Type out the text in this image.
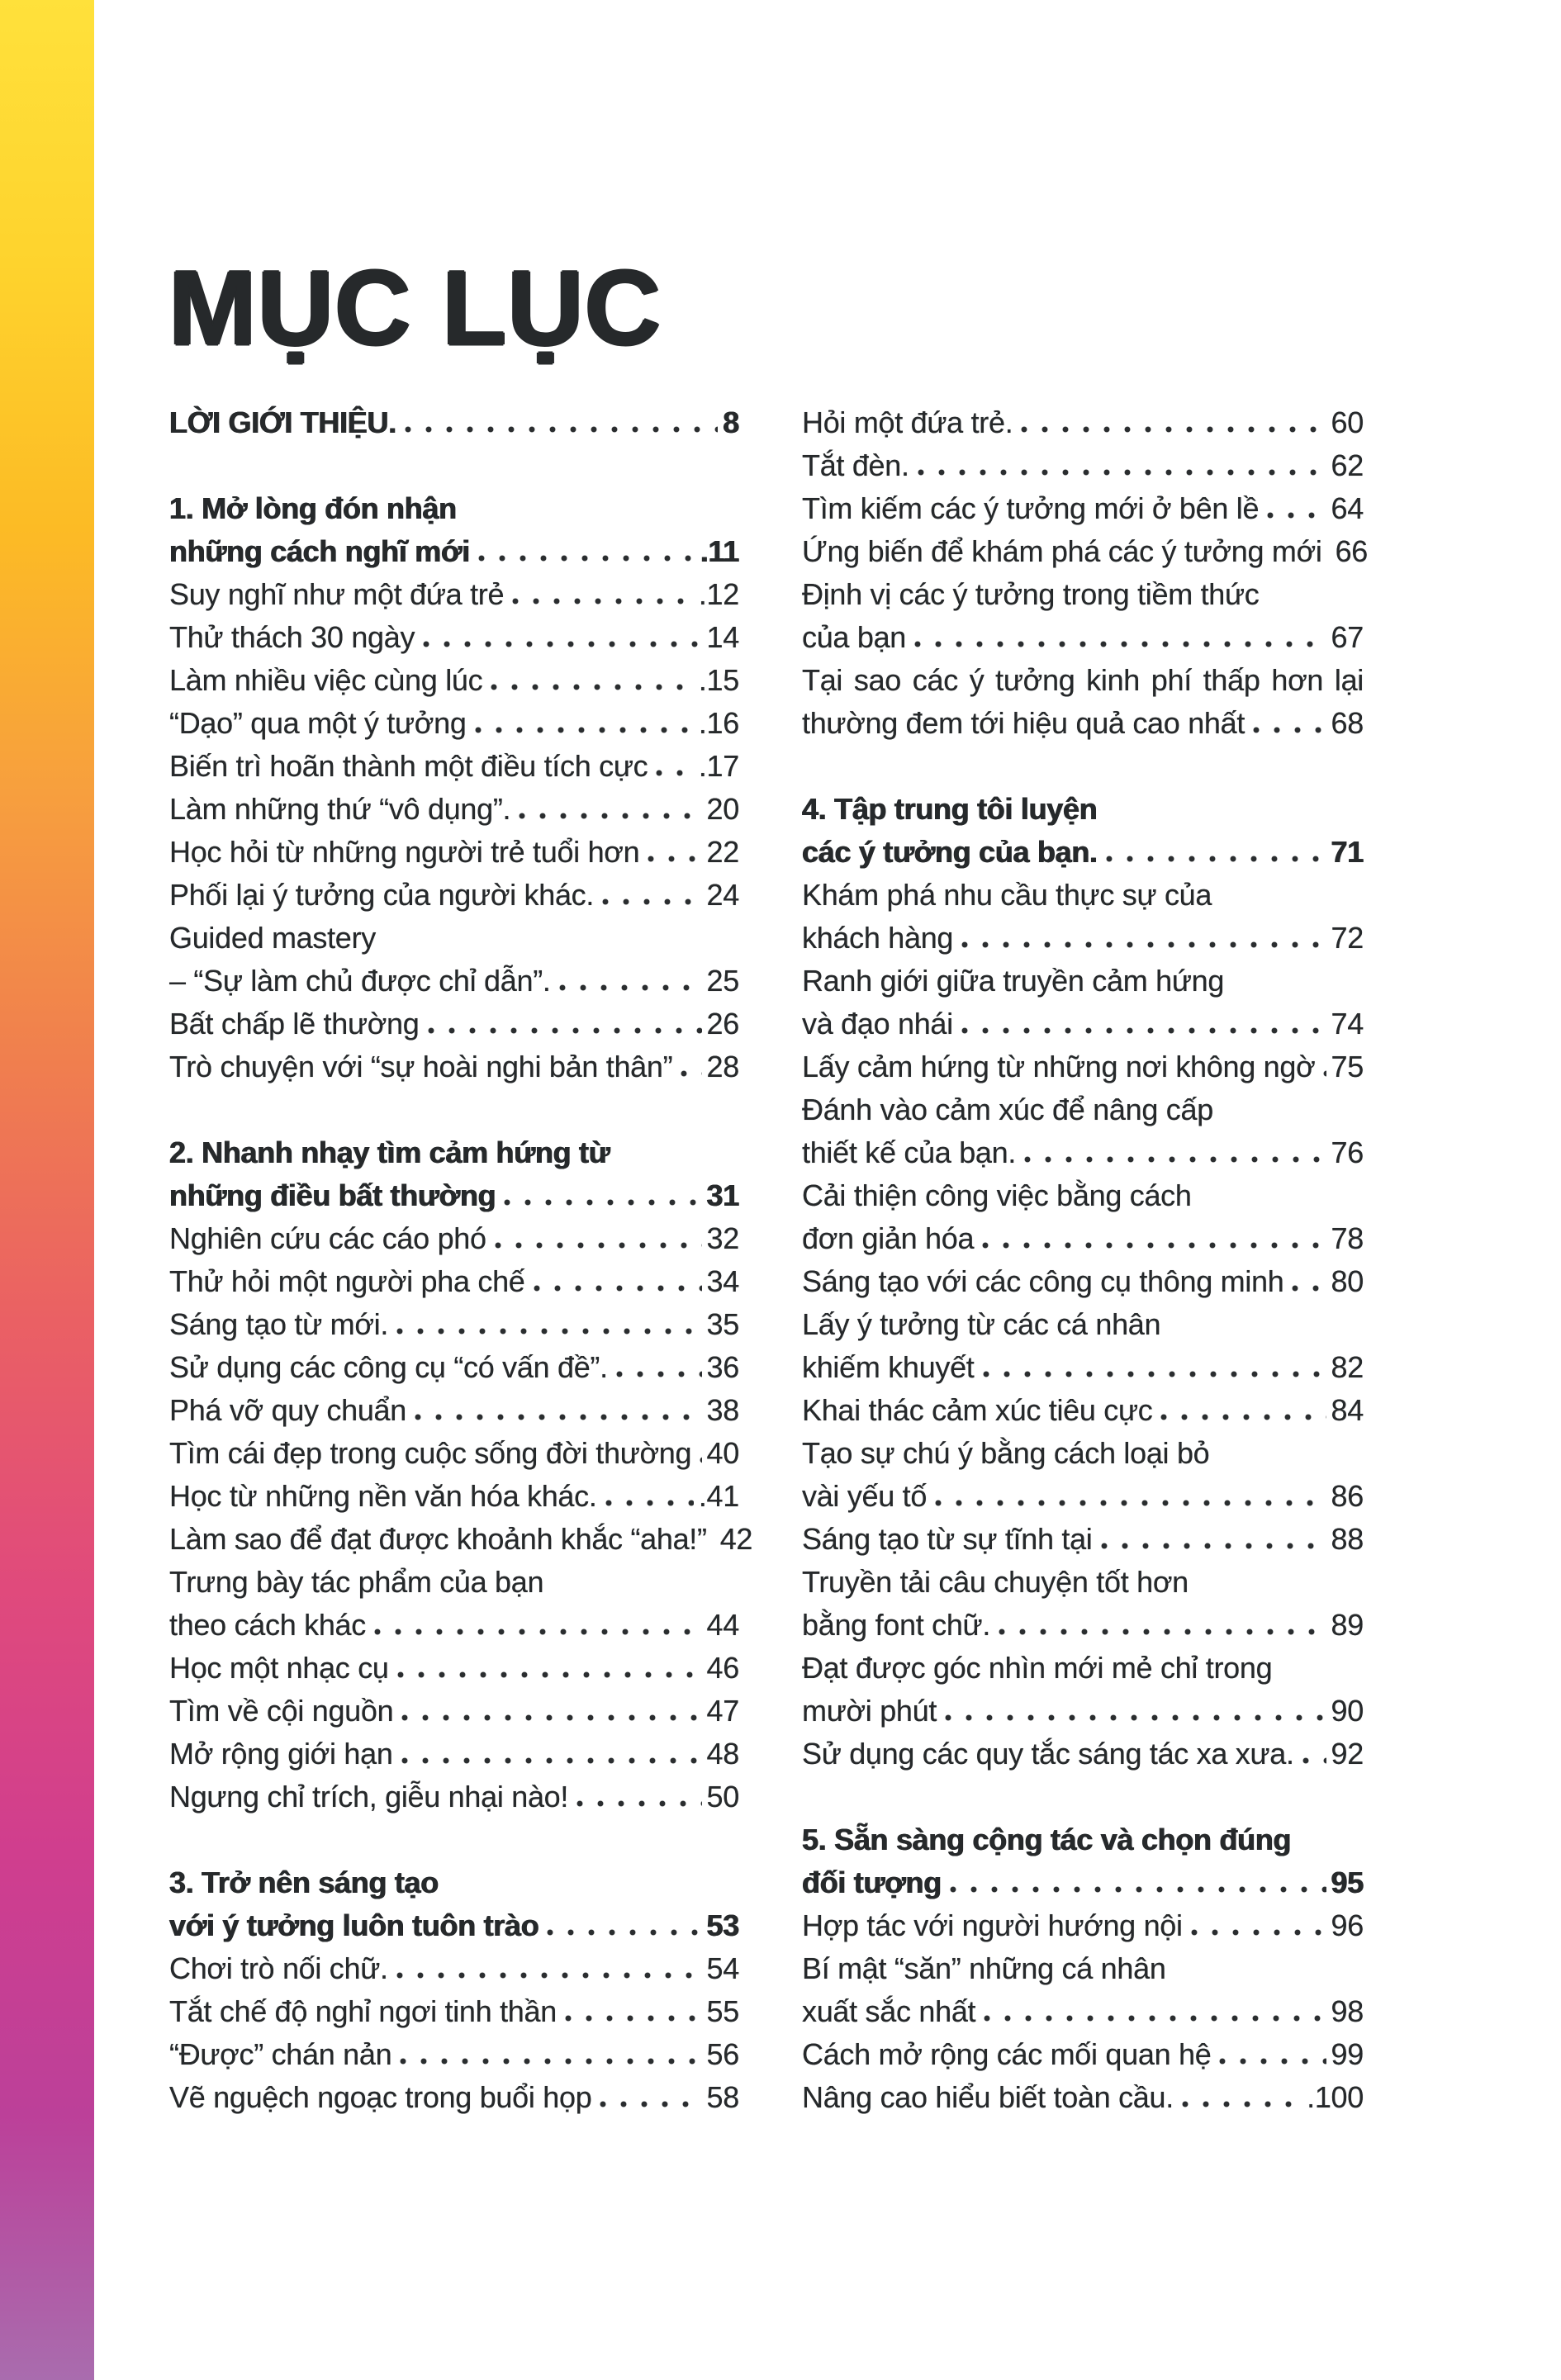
MỤC LỤC
LỜI GIỚI THIỆU.	8
1. Mở lòng đón nhận
những cách nghĩ mới	.11
Suy nghĩ như một đứa trẻ	.12
Thử thách 30 ngày	14
Làm nhiều việc cùng lúc	.15
“Dạo” qua một ý tưởng	.16
Biến trì hoãn thành một điều tích cực .17
Làm những thứ “vô dụng”.	20
Học hỏi từ những người trẻ tuổi hơn 22
Phối lại ý tưởng của người khác.	24
Guided mastery
– “Sự làm chủ được chỉ dẫn”.	25
Bất chấp lẽ thường	26
Trò chuyện với “sự hoài nghi bản thân” 28
2. Nhanh nhạy tìm cảm hứng từ
những điều bất thường	31
Nghiên cứu các cáo phó	32
Thử hỏi một người pha chế	34
Sáng tạo từ mới.	35
Sử dụng các công cụ “có vấn đề”.	36
Phá vỡ quy chuẩn	38
Tìm cái đẹp trong cuộc sống đời thường 40
Học từ những nền văn hóa khác.	.41
Làm sao để đạt được khoảnh khắc “aha!” 42
Trưng bày tác phẩm của bạn
theo cách khác	44
Học một nhạc cụ	46
Tìm về cội nguồn	47
Mở rộng giới hạn	48
Ngưng chỉ trích, giễu nhại nào!	50
3. Trở nên sáng tạo
với ý tưởng luôn tuôn trào	53
Chơi trò nối chữ.	54
Tắt chế độ nghỉ ngơi tinh thần	55
“Được” chán nản	56
Vẽ nguệch ngoạc trong buổi họp	58
Hỏi một đứa trẻ.	60
Tắt đèn.	62
Tìm kiếm các ý tưởng mới ở bên lề 64
Ứng biến để khám phá các ý tưởng mới 66
Định vị các ý tưởng trong tiềm thức
của bạn	67
Tại sao các ý tưởng kinh phí thấp hơn lại
thường đem tới hiệu quả cao nhất	68
4. Tập trung tôi luyện
các ý tưởng của bạn.	71
Khám phá nhu cầu thực sự của
khách hàng	72
Ranh giới giữa truyền cảm hứng
và đạo nhái	74
Lấy cảm hứng từ những nơi không ngờ 75
Đánh vào cảm xúc để nâng cấp
thiết kế của bạn.	76
Cải thiện công việc bằng cách
đơn giản hóa	78
Sáng tạo với các công cụ thông minh 80
Lấy ý tưởng từ các cá nhân
khiếm khuyết	82
Khai thác cảm xúc tiêu cực	84
Tạo sự chú ý bằng cách loại bỏ
vài yếu tố	86
Sáng tạo từ sự tĩnh tại	88
Truyền tải câu chuyện tốt hơn
bằng font chữ.	89
Đạt được góc nhìn mới mẻ chỉ trong
mười phút	90
Sử dụng các quy tắc sáng tác xa xưa. 92
5. Sẵn sàng cộng tác và chọn đúng
đối tượng	95
Hợp tác với người hướng nội	96
Bí mật “săn” những cá nhân
xuất sắc nhất	98
Cách mở rộng các mối quan hệ	99
Nâng cao hiểu biết toàn cầu.	.100
